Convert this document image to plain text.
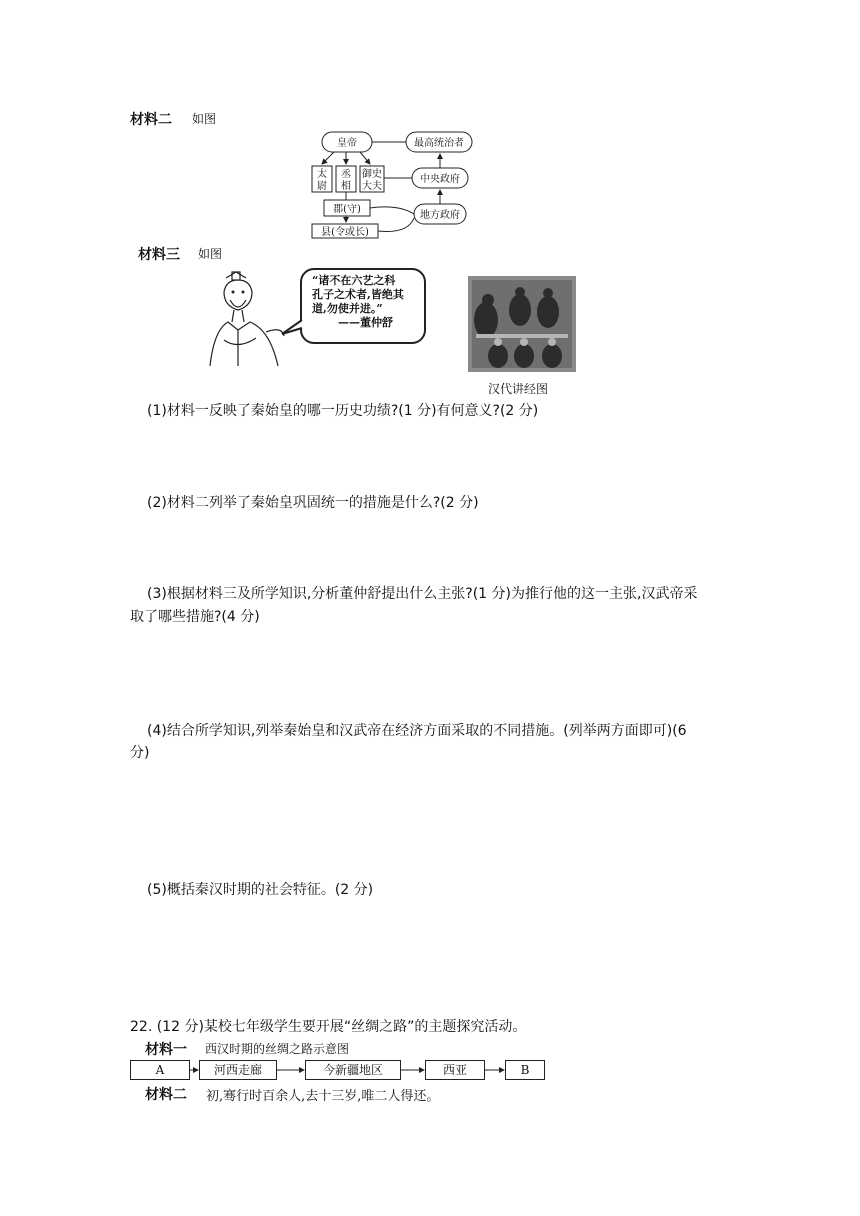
材料二 如图
皇帝	最高统治者
太
尉
丞
相
御史
大夫
中央政府
郡(守)
地方政府
县(令或长)
材料三 如图
“诸不在六艺之科
孔子之术者,皆绝其
道,勿使并进。”
——董仲舒
汉代讲经图
(1)材料一反映了秦始皇的哪一历史功绩?(1 分)有何意义?(2 分)
(2)材料二列举了秦始皇巩固统一的措施是什么?(2 分)
(3)根据材料三及所学知识,分析董仲舒提出什么主张?(1 分)为推行他的这一主张,汉武帝采
取了哪些措施?(4 分)
(4)结合所学知识,列举秦始皇和汉武帝在经济方面采取的不同措施。(列举两方面即可)(6
分)
(5)概括秦汉时期的社会特征。(2 分)
22. (12 分)某校七年级学生要开展“丝绸之路”的主题探究活动。
材料一 西汉时期的丝绸之路示意图
A	河西走廊	今新疆地区	西亚	B
材料二 初,骞行时百余人,去十三岁,唯二人得还。
